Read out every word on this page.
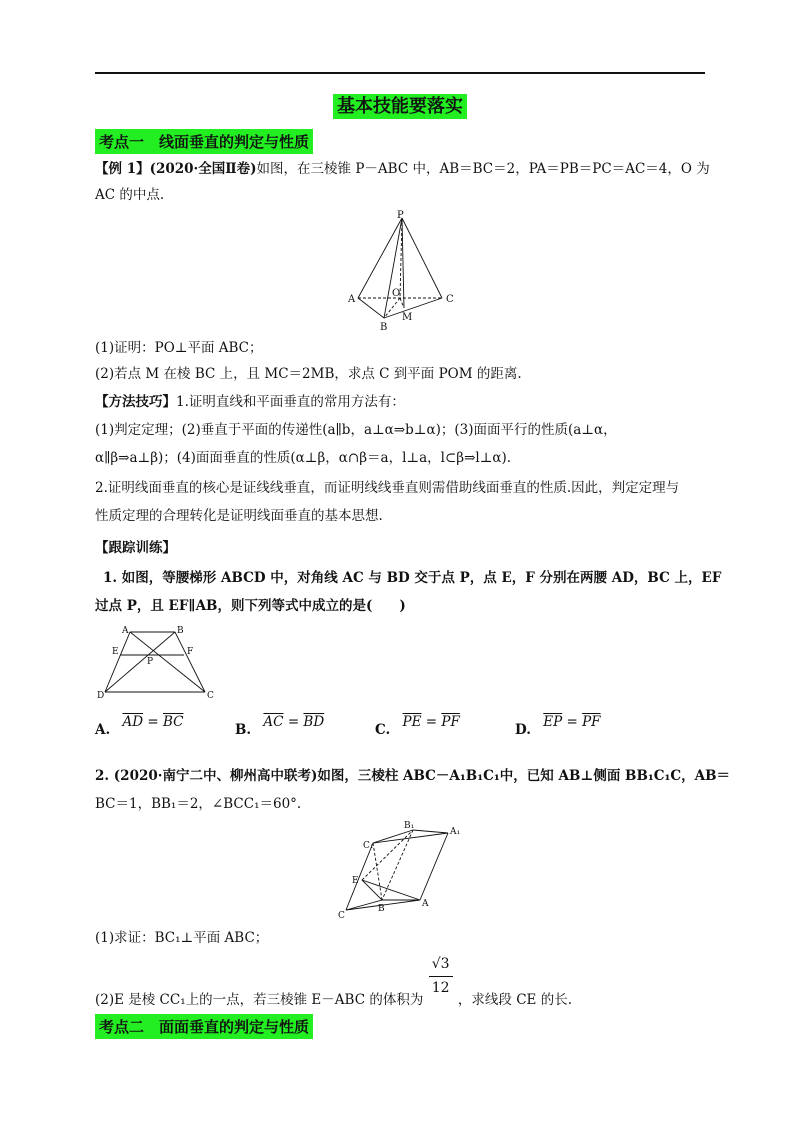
基本技能要落实
考点一　线面垂直的判定与性质
【例 1】(2020·全国Ⅱ卷)如图，在三棱锥 P－ABC 中，AB＝BC＝2，PA＝PB＝PC＝AC＝4，O 为
AC 的中点.
P
A	C
B
O
M
(1)证明：PO⊥平面 ABC；
(2)若点 M 在棱 BC 上，且 MC＝2MB，求点 C 到平面 POM 的距离.
【方法技巧】1.证明直线和平面垂直的常用方法有：
(1)判定定理；(2)垂直于平面的传递性(a∥b，a⊥α⇒b⊥α)；(3)面面平行的性质(a⊥α，
α∥β⇒a⊥β)；(4)面面垂直的性质(α⊥β，α∩β＝a，l⊥a，l⊂β⇒l⊥α).
2.证明线面垂直的核心是证线线垂直，而证明线线垂直则需借助线面垂直的性质.因此，判定定理与
性质定理的合理转化是证明线面垂直的基本思想.
【跟踪训练】
1. 如图，等腰梯形 ABCD 中，对角线 AC 与 BD 交于点 P，点 E，F 分别在两腰 AD，BC 上，EF
过点 P，且 EF∥AB，则下列等式中成立的是(　　)
A	B
E	F
P
D	C
A. $\overline{AD} = \overline{BC}$	B. $\overline{AC} = \overline{BD}$	C. $\overline{PE} = \overline{PF}$	D. $\overline{EP} = \overline{PF}$
2. (2020·南宁二中、柳州高中联考)如图，三棱柱 ABC－A₁B₁C₁中，已知 AB⊥侧面 BB₁C₁C，AB＝
BC＝1，BB₁＝2，∠BCC₁＝60°.
B₁
A₁
C₁
E
B	A
C
(1)求证：BC₁⊥平面 ABC；
(2)E 是棱 CC₁上的一点，若三棱锥 E－ABC 的体积为 $\frac{√3}{12}$ ，求线段 CE 的长.
考点二　面面垂直的判定与性质
